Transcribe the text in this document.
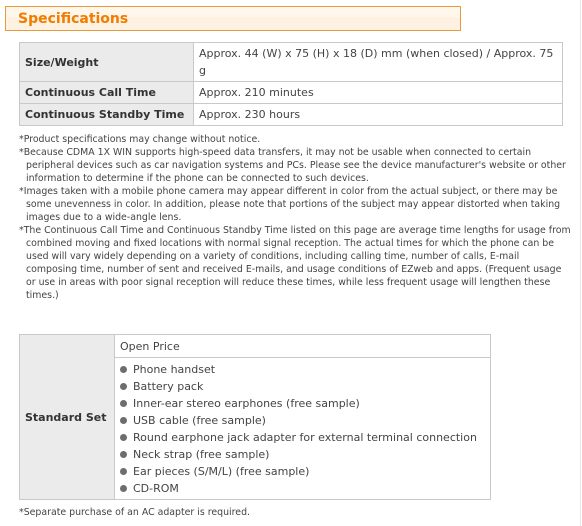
Specifications
Size/Weight	Approx. 44 (W) x 75 (H) x 18 (D) mm (when closed) / Approx. 75 g
Continuous Call Time	Approx. 210 minutes
Continuous Standby Time	Approx. 230 hours

*Product specifications may change without notice.

*Because CDMA 1X WIN supports high-speed data transfers, it may not be usable when connected to certain peripheral devices such as car navigation systems and PCs. Please see the device manufacturer's website or other information to determine if the phone can be connected to such devices.

*Images taken with a mobile phone camera may appear different in color from the actual subject, or there may be some unevenness in color. In addition, please note that portions of the subject may appear distorted when taking images due to a wide-angle lens.

*The Continuous Call Time and Continuous Standby Time listed on this page are average time lengths for usage from combined moving and fixed locations with normal signal reception. The actual times for which the phone can be used will vary widely depending on a variety of conditions, including calling time, number of calls, E-mail composing time, number of sent and received E-mails, and usage conditions of EZweb and apps. (Frequent usage or use in areas with poor signal reception will reduce these times, while less frequent usage will lengthen these times.)

Standard Set	Open Price

Phone handset
Battery pack
Inner-ear stereo earphones (free sample)
USB cable (free sample)
Round earphone jack adapter for external terminal connection
Neck strap (free sample)
Ear pieces (S/M/L) (free sample)
CD-ROM
*Separate purchase of an AC adapter is required.
